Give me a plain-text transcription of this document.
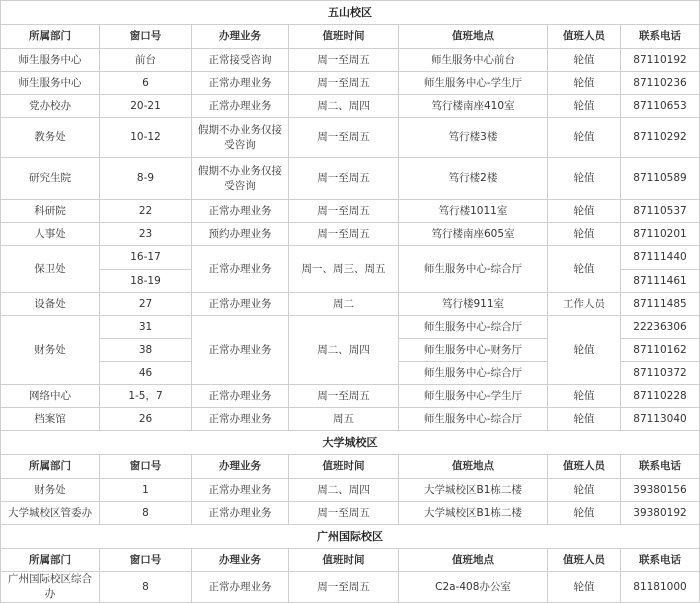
五山校区						
所属部门	窗口号	办理业务	值班时间	值班地点	值班人员	联系电话
师生服务中心	前台	正常接受咨询	周一至周五	师生服务中心前台	轮值	87110192
师生服务中心	6	正常办理业务	周一至周五	师生服务中心-学生厅	轮值	87110236
党办校办	20-21	正常办理业务	周二、周四	笃行楼南座410室	轮值	87110653
教务处	10-12	假期不办业务仅接受咨询	周一至周五	笃行楼3楼	轮值	87110292
研究生院	8-9	假期不办业务仅接受咨询	周一至周五	笃行楼2楼	轮值	87110589
科研院	22	正常办理业务	周一至周五	笃行楼1011室	轮值	87110537
人事处	23	预约办理业务	周一至周五	笃行楼南座605室	轮值	87110201
保卫处	16-17	正常办理业务	周一、周三、周五	师生服务中心-综合厅	轮值	87111440
	18-19					87111461
设备处	27	正常办理业务	周二	笃行楼911室	工作人员	87111485
财务处	31	正常办理业务	周二、周四	师生服务中心-综合厅	轮值	22236306
	38			师生服务中心-财务厅		87110162
	46			师生服务中心-综合厅		87110372
网络中心	1-5，7	正常办理业务	周一至周五	师生服务中心-学生厅	轮值	87110228
档案馆	26	正常办理业务	周五	师生服务中心-综合厅	轮值	87113040
大学城校区						
所属部门	窗口号	办理业务	值班时间	值班地点	值班人员	联系电话
财务处	1	正常办理业务	周二、周四	大学城校区B1栋二楼	轮值	39380156
大学城校区管委办	8	正常办理业务	周一至周五	大学城校区B1栋二楼	轮值	39380192
广州国际校区						
所属部门	窗口号	办理业务	值班时间	值班地点	值班人员	联系电话
广州国际校区综合办	8	正常办理业务	周一至周五	C2a-408办公室	轮值	81181000
